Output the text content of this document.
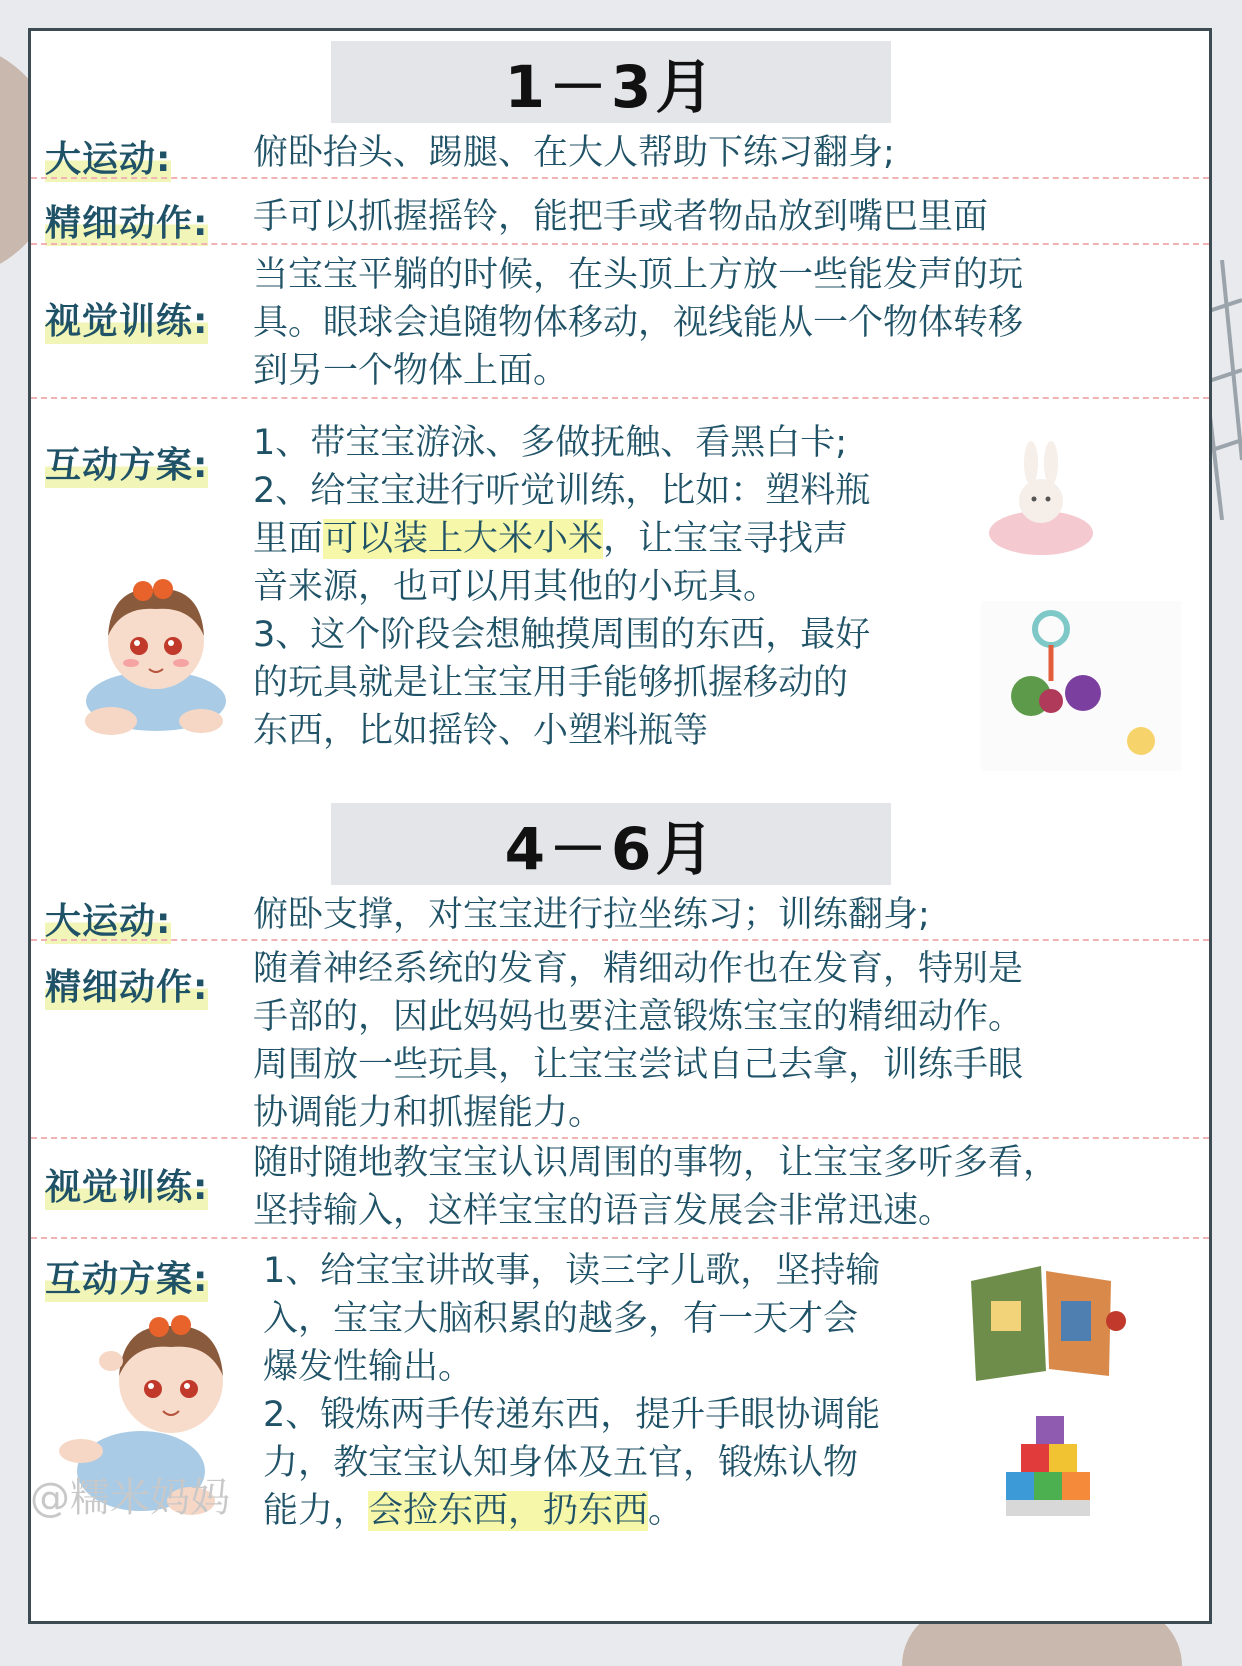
1－3月
大运动: 俯卧抬头、踢腿、在大人帮助下练习翻身;
精细动作: 手可以抓握摇铃，能把手或者物品放到嘴巴里面
视觉训练:
当宝宝平躺的时候，在头顶上方放一些能发声的玩
具。眼球会追随物体移动，视线能从一个物体转移
到另一个物体上面。
互动方案:
1、带宝宝游泳、多做抚触、看黑白卡;
2、给宝宝进行听觉训练，比如：塑料瓶
里面可以装上大米小米，让宝宝寻找声
音来源，也可以用其他的小玩具。
3、这个阶段会想触摸周围的东西，最好
的玩具就是让宝宝用手能够抓握移动的
东西，比如摇铃、小塑料瓶等
4－6月
大运动: 俯卧支撑，对宝宝进行拉坐练习；训练翻身;
精细动作: 随着神经系统的发育，精细动作也在发育，特别是
手部的，因此妈妈也要注意锻炼宝宝的精细动作。
周围放一些玩具，让宝宝尝试自己去拿，训练手眼
协调能力和抓握能力。
视觉训练:
随时随地教宝宝认识周围的事物，让宝宝多听多看，
坚持输入，这样宝宝的语言发展会非常迅速。
互动方案: 1、给宝宝讲故事，读三字儿歌，坚持输
入，宝宝大脑积累的越多，有一天才会
爆发性输出。
2、锻炼两手传递东西，提升手眼协调能
力，教宝宝认知身体及五官，锻炼认物
能力，会捡东西，扔东西。
@糯米妈妈
